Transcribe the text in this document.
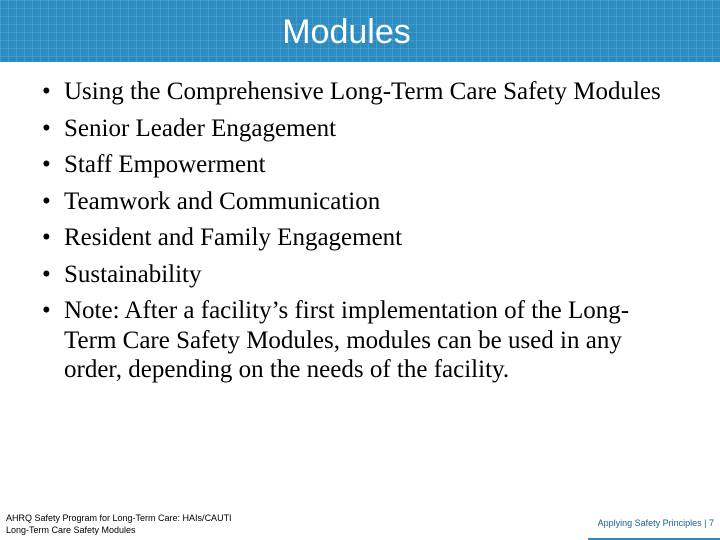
Modules
• Using the Comprehensive Long-Term Care Safety Modules
• Senior Leader Engagement
• Staff Empowerment
• Teamwork and Communication
• Resident and Family Engagement
• Sustainability
• Note: After a facility’s first implementation of the Long-Term Care Safety Modules, modules can be used in any order, depending on the needs of the facility.
AHRQ Safety Program for Long-Term Care: HAIs/CAUTI
Long-Term Care Safety Modules
Applying Safety Principles | 7
